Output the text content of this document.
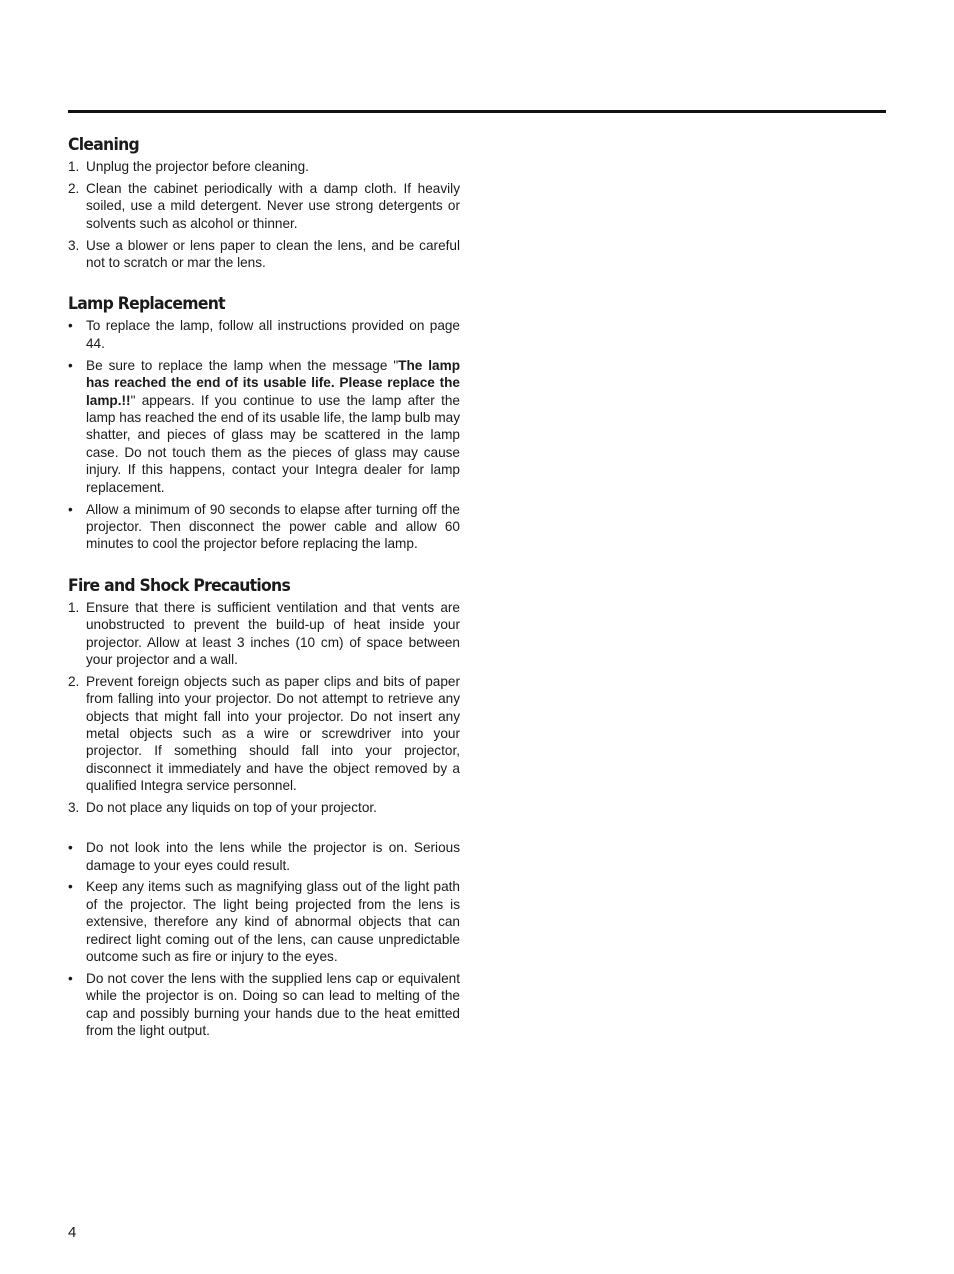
Cleaning
1. Unplug the projector before cleaning.
2. Clean the cabinet periodically with a damp cloth. If heavily soiled, use a mild detergent. Never use strong detergents or solvents such as alcohol or thinner.
3. Use a blower or lens paper to clean the lens, and be careful not to scratch or mar the lens.
Lamp Replacement
• To replace the lamp, follow all instructions provided on page 44.
• Be sure to replace the lamp when the message "The lamp has reached the end of its usable life. Please replace the lamp.!!" appears. If you continue to use the lamp after the lamp has reached the end of its usable life, the lamp bulb may shatter, and pieces of glass may be scattered in the lamp case. Do not touch them as the pieces of glass may cause injury. If this happens, contact your Integra dealer for lamp replacement.
• Allow a minimum of 90 seconds to elapse after turning off the projector. Then disconnect the power cable and allow 60 minutes to cool the projector before replacing the lamp.
Fire and Shock Precautions
1. Ensure that there is sufficient ventilation and that vents are unobstructed to prevent the build-up of heat inside your projector. Allow at least 3 inches (10 cm) of space between your projector and a wall.
2. Prevent foreign objects such as paper clips and bits of paper from falling into your projector. Do not attempt to retrieve any objects that might fall into your projector. Do not insert any metal objects such as a wire or screwdriver into your projector. If something should fall into your projector, disconnect it immediately and have the object removed by a qualified Integra service personnel.
3. Do not place any liquids on top of your projector.
• Do not look into the lens while the projector is on. Serious damage to your eyes could result.
• Keep any items such as magnifying glass out of the light path of the projector. The light being projected from the lens is extensive, therefore any kind of abnormal objects that can redirect light coming out of the lens, can cause unpredictable outcome such as fire or injury to the eyes.
• Do not cover the lens with the supplied lens cap or equivalent while the projector is on. Doing so can lead to melting of the cap and possibly burning your hands due to the heat emitted from the light output.
4
